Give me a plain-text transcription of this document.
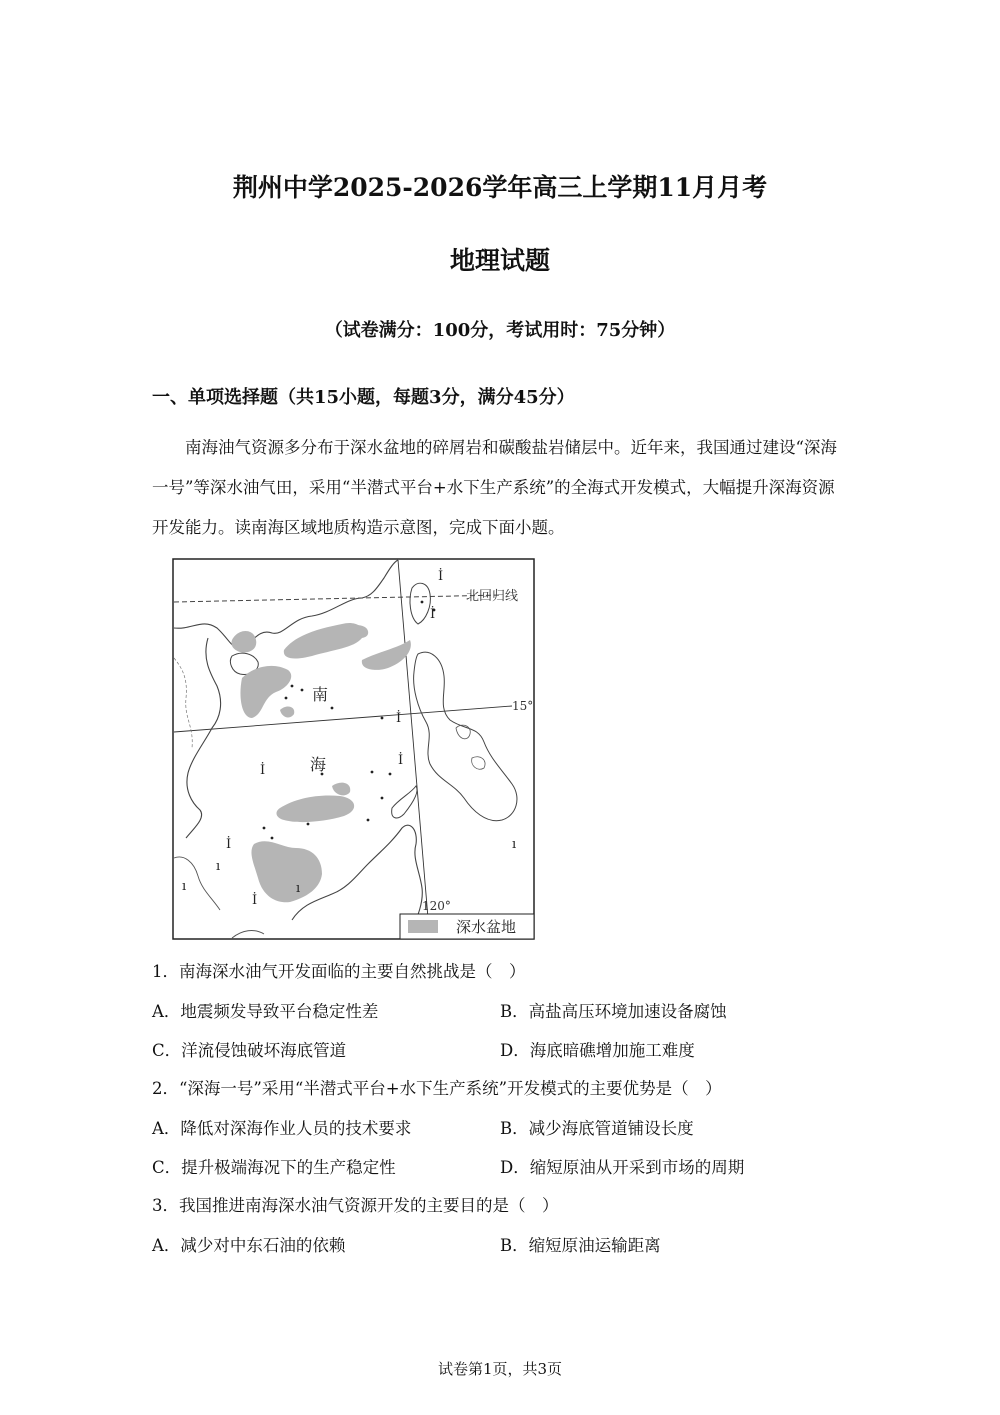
荆州中学2025-2026学年高三上学期11月月考
地理试题
（试卷满分：100分，考试用时：75分钟）
一、单项选择题（共15小题，每题3分，满分45分）
南海油气资源多分布于深水盆地的碎屑岩和碳酸盐岩储层中。近年来，我国通过建设“深海一号”等深水油气田，采用“半潜式平台+水下生产系统”的全海式开发模式，大幅提升深海资源开发能力。读南海区域地质构造示意图，完成下面小题。
İ
İ
İ
İ
İ
İ
İ
ı
ı
ı
ı
北回归线
15°
120°
南
海
深水盆地
1．南海深水油气开发面临的主要自然挑战是（　）
A．地震频发导致平台稳定性差	B．高盐高压环境加速设备腐蚀
C．洋流侵蚀破坏海底管道	D．海底暗礁增加施工难度
2．“深海一号”采用“半潜式平台+水下生产系统”开发模式的主要优势是（　）
A．降低对深海作业人员的技术要求	B．减少海底管道铺设长度
C．提升极端海况下的生产稳定性	D．缩短原油从开采到市场的周期
3．我国推进南海深水油气资源开发的主要目的是（　）
A．减少对中东石油的依赖	B．缩短原油运输距离
试卷第1页，共3页
